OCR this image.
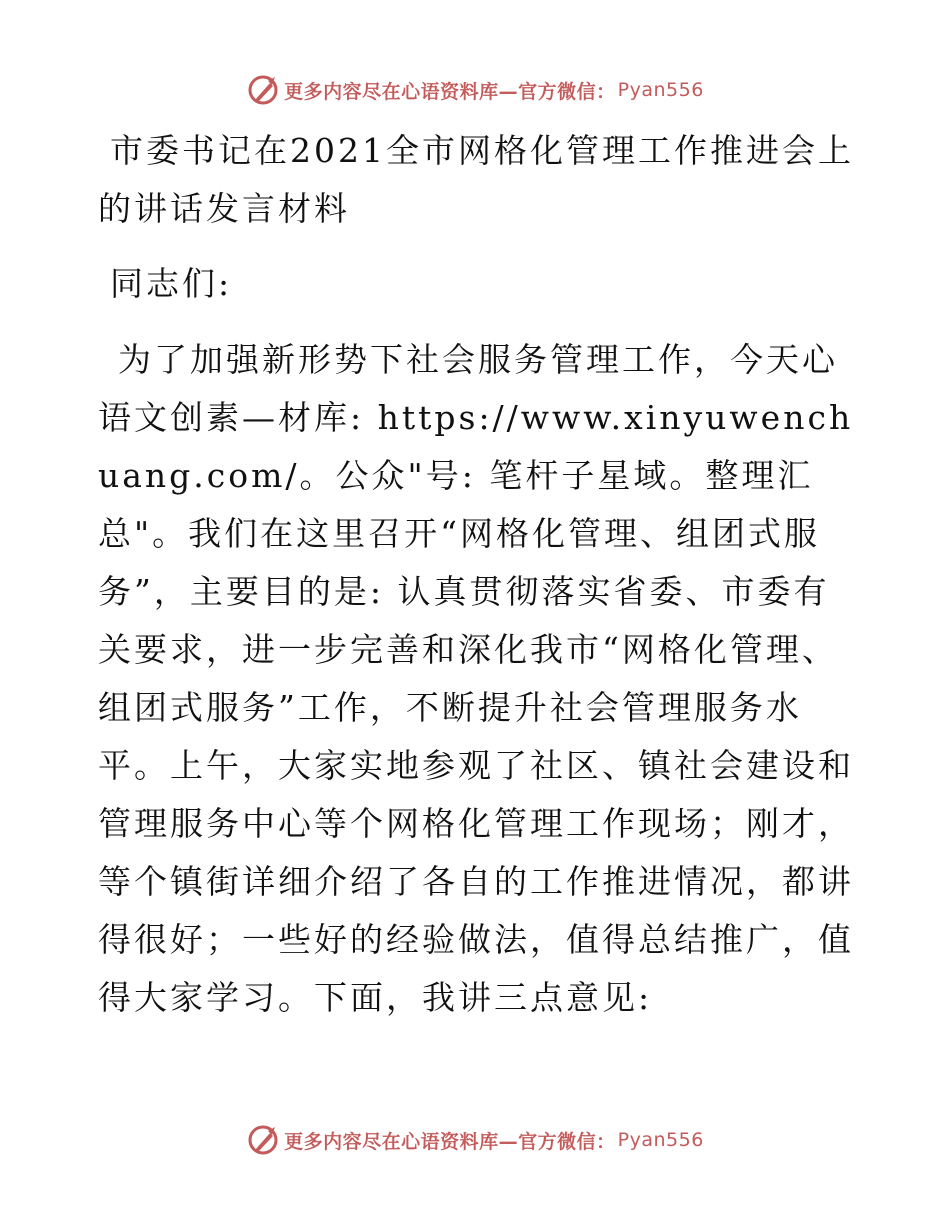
更多内容尽在心语资料库—官方微信： Pyan556

市委书记在2021全市网格化管理工作推进会上的讲话发言材料

同志们:

为了加强新形势下社会服务管理工作，今天心语文创素—材库: https://www.xinyuwenchuang.com/。公众"号: 笔杆子星域。整理汇总"。我们在这里召开“网格化管理、组团式服务”，主要目的是: 认真贯彻落实省委、市委有关要求，进一步完善和深化我市“网格化管理、组团式服务”工作，不断提升社会管理服务水平。上午，大家实地参观了社区、镇社会建设和管理服务中心等个网格化管理工作现场；刚才，等个镇街详细介绍了各自的工作推进情况，都讲得很好；一些好的经验做法，值得总结推广，值得大家学习。下面，我讲三点意见:

更多内容尽在心语资料库—官方微信： Pyan556
